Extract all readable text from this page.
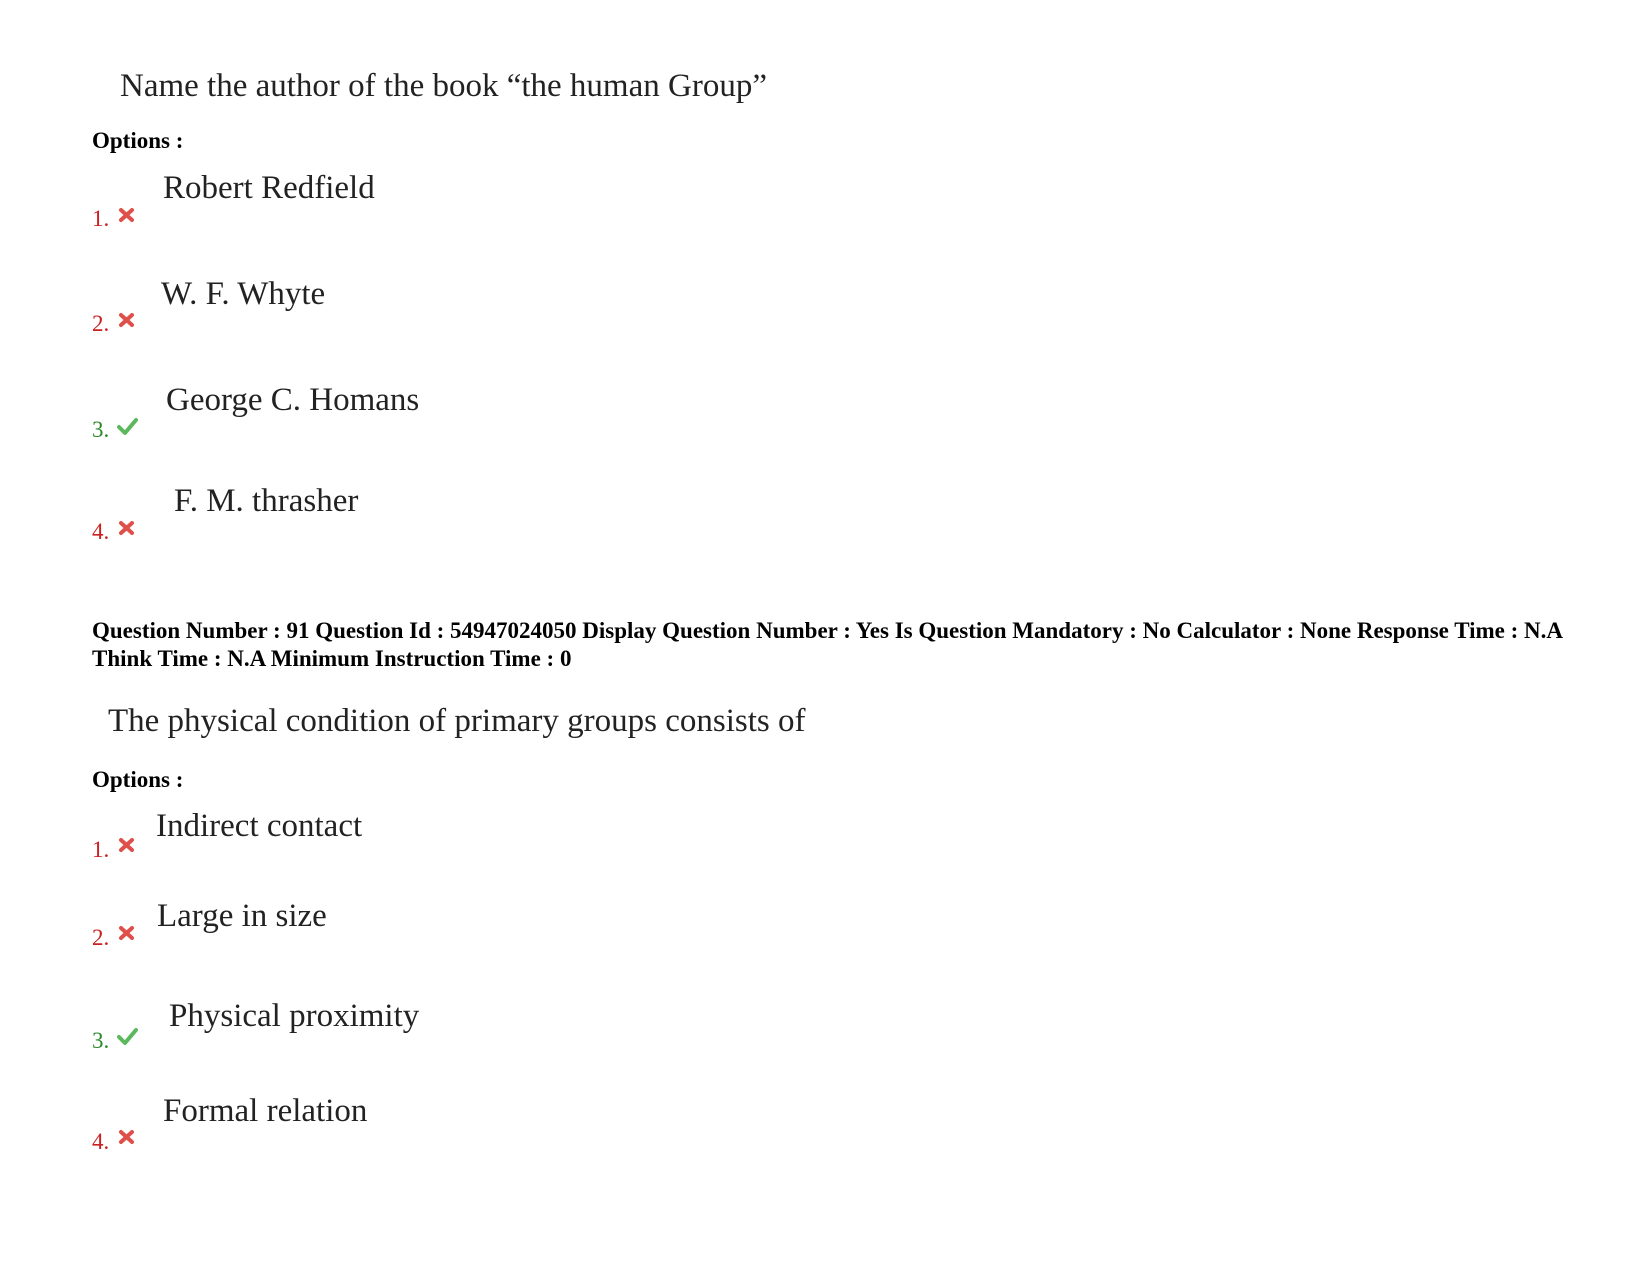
Name the author of the book “the human Group”
Options :
Robert Redfield
1.
W. F. Whyte
2.
George C. Homans
3.
F. M. thrasher
4.
Question Number : 91 Question Id : 54947024050 Display Question Number : Yes Is Question Mandatory : No Calculator : None Response Time : N.A Think Time : N.A Minimum Instruction Time : 0
The physical condition of primary groups consists of
Options :
Indirect contact
1.
Large in size
2.
Physical proximity
3.
Formal relation
4.
